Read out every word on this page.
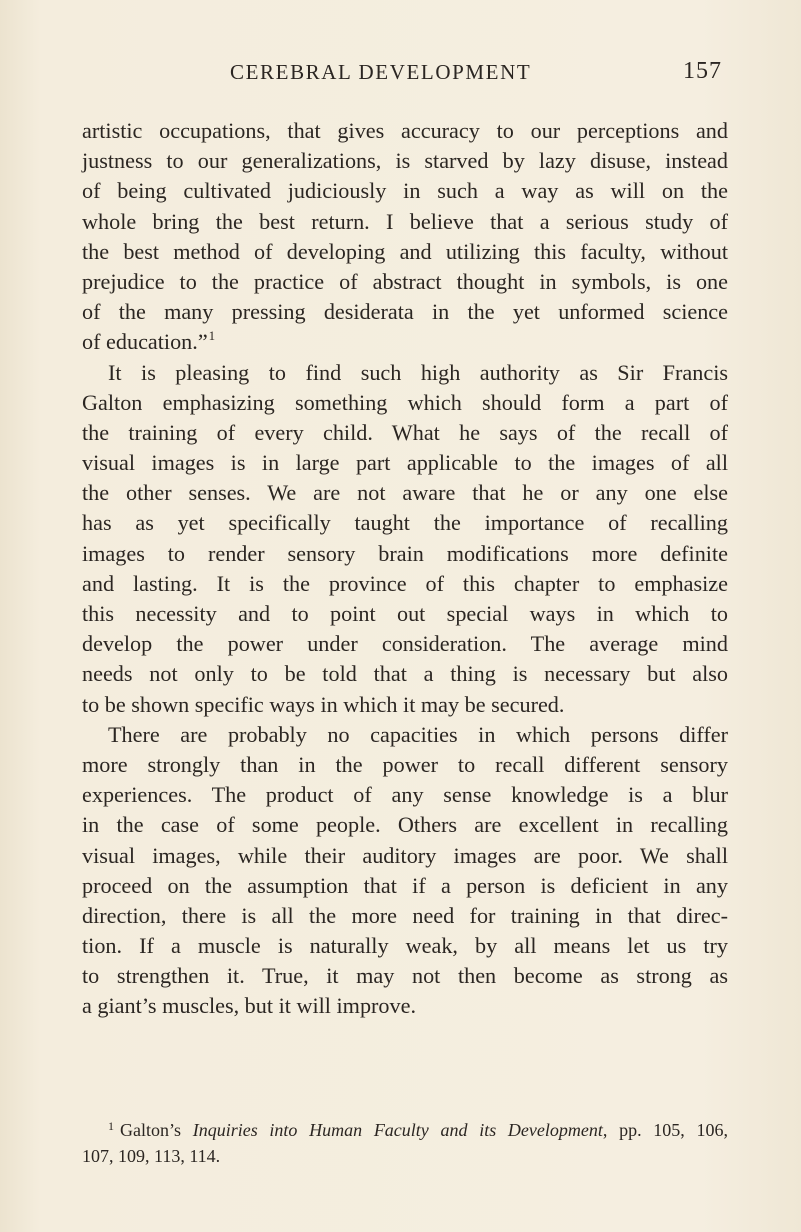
CEREBRAL DEVELOPMENT	157
artistic occupations, that gives accuracy to our perceptions and
justness to our generalizations, is starved by lazy disuse, instead
of being cultivated judiciously in such a way as will on the
whole bring the best return. I believe that a serious study of
the best method of developing and utilizing this faculty, without
prejudice to the practice of abstract thought in symbols, is one
of the many pressing desiderata in the yet unformed science
of education.”$^1$
It is pleasing to find such high authority as Sir Francis
Galton emphasizing something which should form a part of
the training of every child. What he says of the recall of
visual images is in large part applicable to the images of all
the other senses. We are not aware that he or any one else
has as yet specifically taught the importance of recalling
images to render sensory brain modifications more definite
and lasting. It is the province of this chapter to emphasize
this necessity and to point out special ways in which to
develop the power under consideration. The average mind
needs not only to be told that a thing is necessary but also
to be shown specific ways in which it may be secured.
There are probably no capacities in which persons differ
more strongly than in the power to recall different sensory
experiences. The product of any sense knowledge is a blur
in the case of some people. Others are excellent in recalling
visual images, while their auditory images are poor. We shall
proceed on the assumption that if a person is deficient in any
direction, there is all the more need for training in that direc-
tion. If a muscle is naturally weak, by all means let us try
to strengthen it. True, it may not then become as strong as
a giant’s muscles, but it will improve.
$^1$ Galton’s Inquiries into Human Faculty and its Development, pp. 105, 106,
107, 109, 113, 114.
